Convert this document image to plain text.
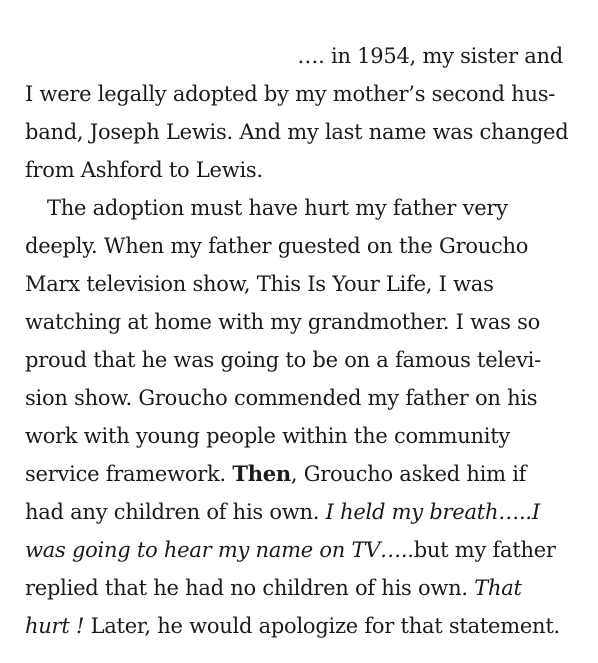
…. in 1954, my sister and
I were legally adopted by my mother’s second hus-
band, Joseph Lewis. And my last name was changed
from Ashford to Lewis.
The adoption must have hurt my father very
deeply. When my father guested on the Groucho
Marx television show, This Is Your Life, I was
watching at home with my grandmother. I was so
proud that he was going to be on a famous televi-
sion show. Groucho commended my father on his
work with young people within the community
service framework. Then, Groucho asked him if
had any children of his own. I held my breath…..I
was going to hear my name on TV…..but my father
replied that he had no children of his own. That
hurt ! Later, he would apologize for that statement.
